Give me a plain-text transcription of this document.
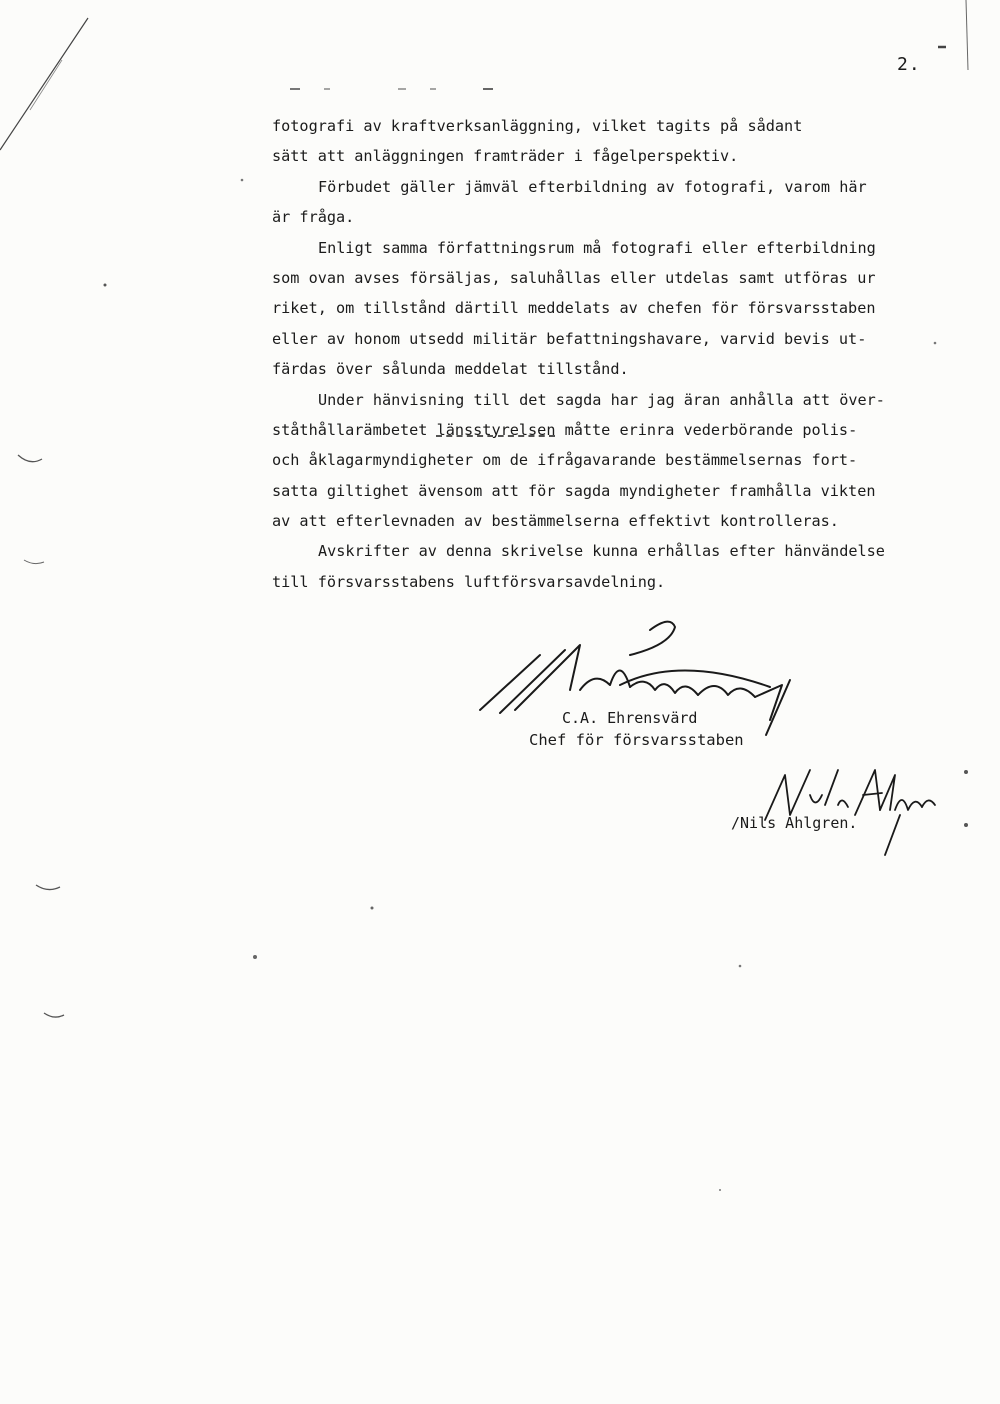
2.
fotografi av kraftverksanläggning, vilket tagits på sådant
sätt att anläggningen framträder i fågelperspektiv.
Förbudet gäller jämväl efterbildning av fotografi, varom här
är fråga.
Enligt samma författningsrum må fotografi eller efterbildning
som ovan avses försäljas, saluhållas eller utdelas samt utföras ur
riket, om tillstånd därtill meddelats av chefen för försvarsstaben
eller av honom utsedd militär befattningshavare, varvid bevis ut-
färdas över sålunda meddelat tillstånd.
Under hänvisning till det sagda har jag äran anhålla att över-
ståthållarämbetet länsstyrelsen måtte erinra vederbörande polis-
och åklagarmyndigheter om de ifrågavarande bestämmelsernas fort-
satta giltighet ävensom att för sagda myndigheter framhålla vikten
av att efterlevnaden av bestämmelserna effektivt kontrolleras.
Avskrifter av denna skrivelse kunna erhållas efter hänvändelse
till försvarsstabens luftförsvarsavdelning.
C.A. Ehrensvärd
Chef för försvarsstaben
/Nils Ahlgren.
